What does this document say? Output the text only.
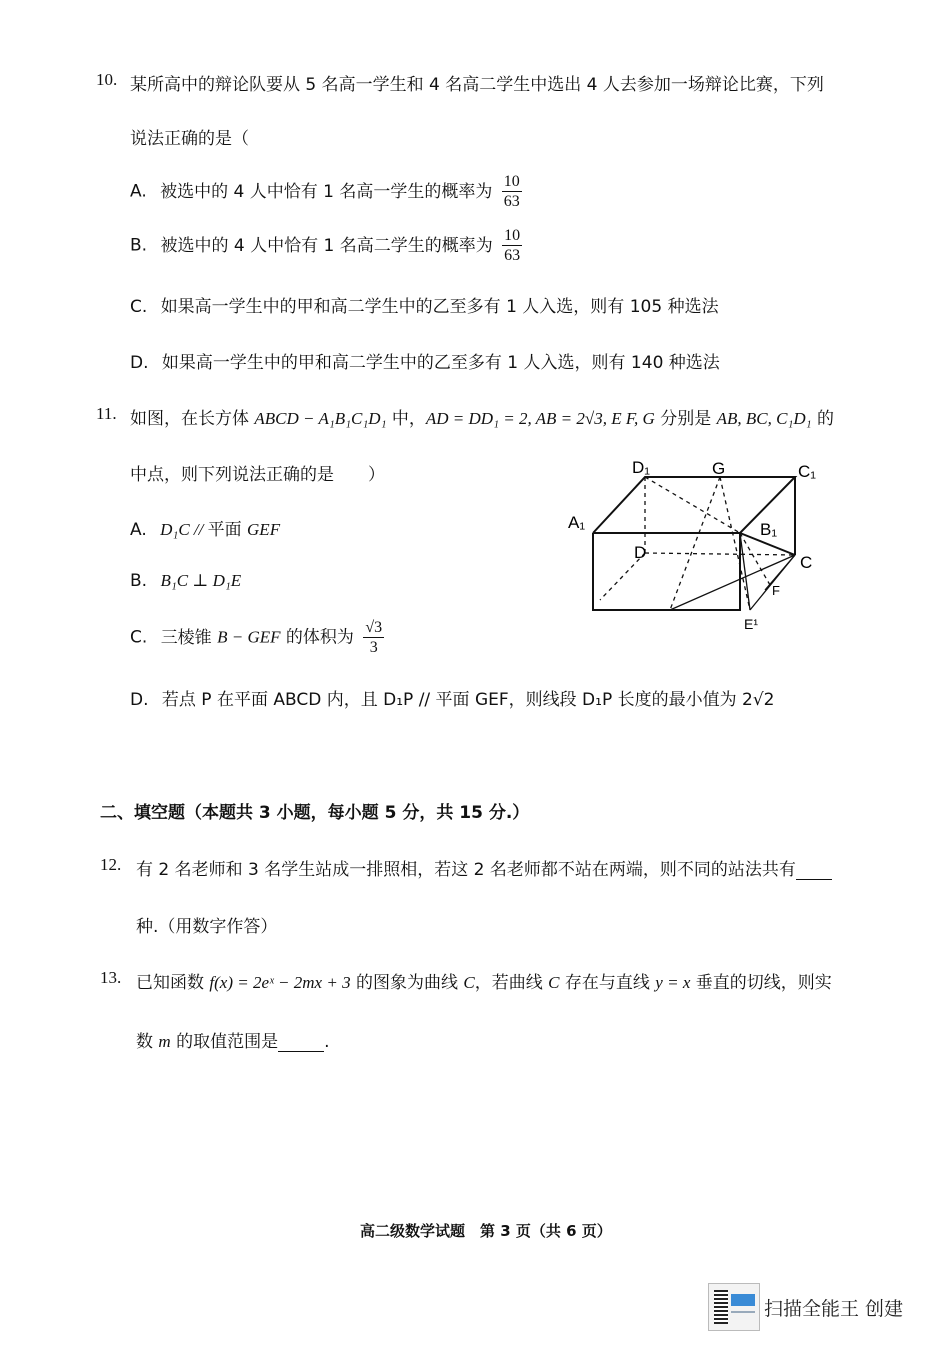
10. 某所高中的辩论队要从 5 名高一学生和 4 名高二学生中选出 4 人去参加一场辩论比赛，下列
说法正确的是（
A. 被选中的 4 人中恰有 1 名高一学生的概率为 $\frac{10}{63}$
B. 被选中的 4 人中恰有 1 名高二学生的概率为 $\frac{10}{63}$
C. 如果高一学生中的甲和高二学生中的乙至多有 1 人入选，则有 105 种选法
D. 如果高一学生中的甲和高二学生中的乙至多有 1 人入选，则有 140 种选法
11. 如图，在长方体 ABCD − A₁B₁C₁D₁ 中，AD = DD₁ = 2, AB = 2√3, E F, G 分别是 AB, BC, C₁D₁ 的
中点，则下列说法正确的是　　）
A. D₁C // 平面 GEF
B. B₁C ⊥ D₁E
C. 三棱锥 B − GEF 的体积为 $\frac{√3}{3}$
D. 若点 P 在平面 ABCD 内，且 D₁P // 平面 GEF，则线段 D₁P 长度的最小值为 2√2
D₁	G	C₁
A₁	B₁
D
C
F
E¹
二、填空题（本题共 3 小题，每小题 5 分，共 15 分.）
12. 有 2 名老师和 3 名学生站成一排照相，若这 2 名老师都不站在两端，则不同的站法共有
种.（用数字作答）
13. 已知函数 f(x) = 2eˣ − 2mx + 3 的图象为曲线 C，若曲线 C 存在与直线 y = x 垂直的切线，则实
数 m 的取值范围是	.
高二级数学试题　第 3 页（共 6 页）
扫描全能王 创建
